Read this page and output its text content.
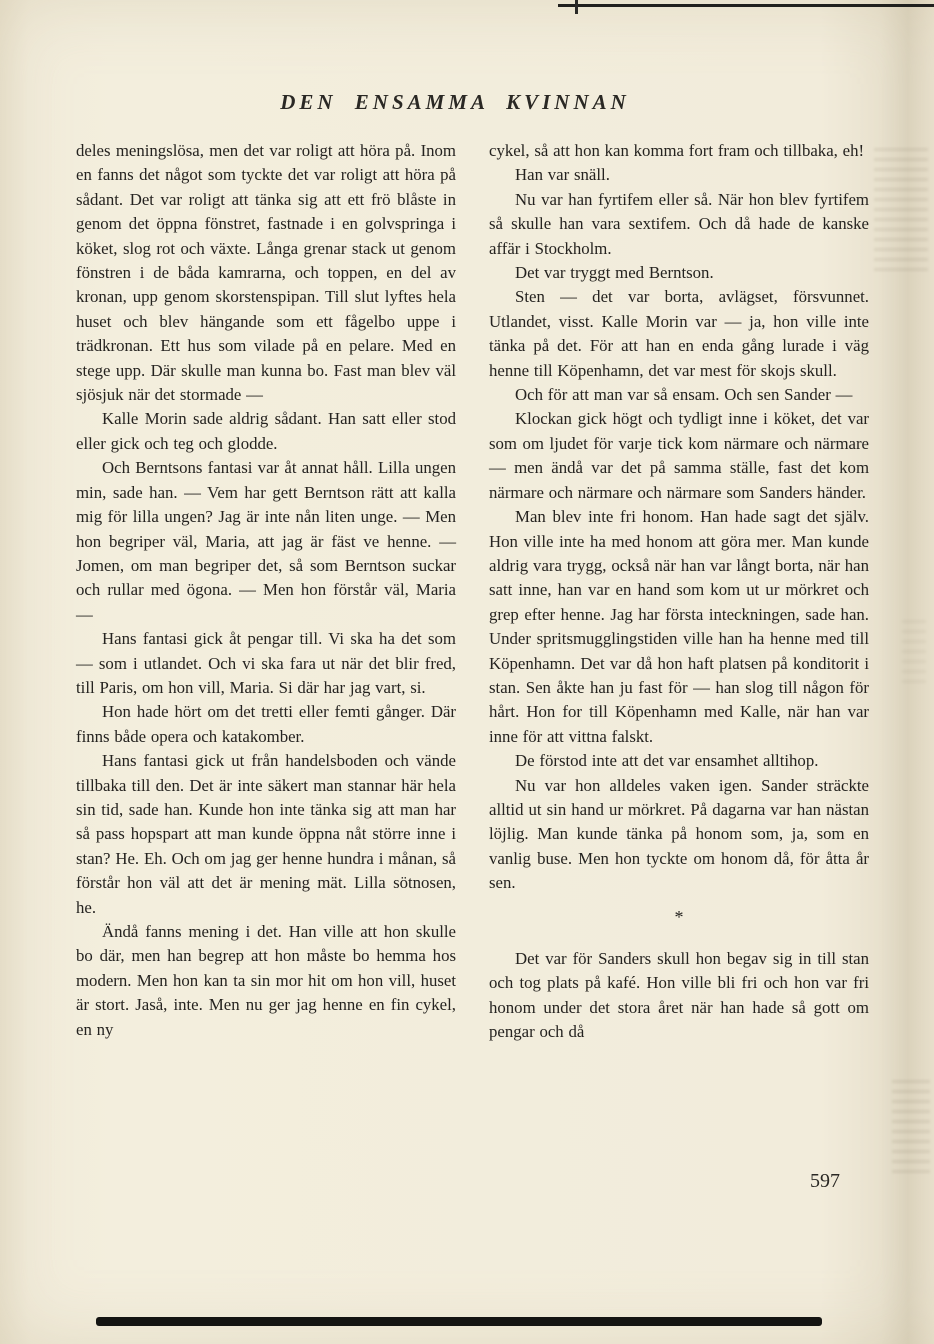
DEN ENSAMMA KVINNAN

deles meningslösa, men det var roligt att höra på. Inom en fanns det något som tyckte det var roligt att höra på sådant. Det var roligt att tänka sig att ett frö blåste in genom det öppna fönstret, fastnade i en golvspringa i köket, slog rot och växte. Långa grenar stack ut genom fönstren i de båda kamrarna, och toppen, en del av kronan, upp genom skorstenspipan. Till slut lyftes hela huset och blev hängande som ett fågelbo uppe i trädkronan. Ett hus som vilade på en pelare. Med en stege upp. Där skulle man kunna bo. Fast man blev väl sjösjuk när det stormade —

Kalle Morin sade aldrig sådant. Han satt eller stod eller gick och teg och glodde.

Och Berntsons fantasi var åt annat håll. Lilla ungen min, sade han. — Vem har gett Berntson rätt att kalla mig för lilla ungen? Jag är inte nån liten unge. — Men hon begriper väl, Maria, att jag är fäst ve henne. — Jomen, om man begriper det, så som Berntson suckar och rullar med ögona. — Men hon förstår väl, Maria —

Hans fantasi gick åt pengar till. Vi ska ha det som — som i utlandet. Och vi ska fara ut när det blir fred, till Paris, om hon vill, Maria. Si där har jag vart, si.

Hon hade hört om det tretti eller femti gånger. Där finns både opera och katakomber.

Hans fantasi gick ut från handelsboden och vände tillbaka till den. Det är inte säkert man stannar här hela sin tid, sade han. Kunde hon inte tänka sig att man har så pass hopspart att man kunde öppna nåt större inne i stan? He. Eh. Och om jag ger henne hundra i månan, så förstår hon väl att det är mening mät. Lilla sötnosen, he.

Ändå fanns mening i det. Han ville att hon skulle bo där, men han begrep att hon måste bo hemma hos modern. Men hon kan ta sin mor hit om hon vill, huset är stort. Jaså, inte. Men nu ger jag henne en fin cykel, en ny

cykel, så att hon kan komma fort fram och tillbaka, eh!

Han var snäll.

Nu var han fyrtifem eller så. När hon blev fyrtifem så skulle han vara sextifem. Och då hade de kanske affär i Stockholm.

Det var tryggt med Berntson.

Sten — det var borta, avlägset, försvunnet. Utlandet, visst. Kalle Morin var — ja, hon ville inte tänka på det. För att han en enda gång lurade i väg henne till Köpenhamn, det var mest för skojs skull.

Och för att man var så ensam. Och sen Sander —

Klockan gick högt och tydligt inne i köket, det var som om ljudet för varje tick kom närmare och närmare — men ändå var det på samma ställe, fast det kom närmare och närmare och närmare som Sanders händer.

Man blev inte fri honom. Han hade sagt det själv. Hon ville inte ha med honom att göra mer. Man kunde aldrig vara trygg, också när han var långt borta, när han satt inne, han var en hand som kom ut ur mörkret och grep efter henne. Jag har första inteckningen, sade han. Under spritsmugglingstiden ville han ha henne med till Köpenhamn. Det var då hon haft platsen på konditorit i stan. Sen åkte han ju fast för — han slog till någon för hårt. Hon for till Köpenhamn med Kalle, när han var inne för att vittna falskt.

De förstod inte att det var ensamhet alltihop.

Nu var hon alldeles vaken igen. Sander sträckte alltid ut sin hand ur mörkret. På dagarna var han nästan löjlig. Man kunde tänka på honom som, ja, som en vanlig buse. Men hon tyckte om honom då, för åtta år sen.

*

Det var för Sanders skull hon begav sig in till stan och tog plats på kafé. Hon ville bli fri och hon var fri honom under det stora året när han hade så gott om pengar och då

597
